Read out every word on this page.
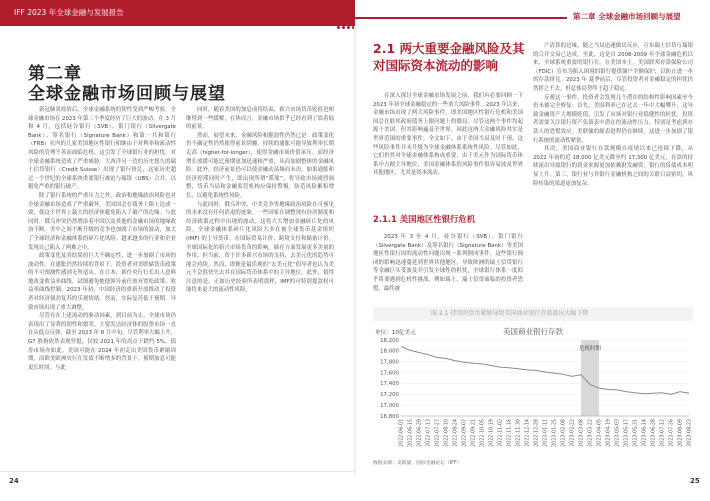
IFF 2023 年全球金融与发展报告	第二章 全球金融市场回顾与展望
第二章
全球金融市场回顾与展望

新冠肺炎疫情后，全球金融系统的韧性受到严峻考验。全球金融市场在 2023 年第三个季度经历了巨大的波动。在 3 月和 4 月，包括硅谷银行（SVB）、银门银行（Silvergate Bank）、签名银行（Signature Bank）和第一共和银行（FRB）在内的几家美国地区性银行相继由于对利率和流动性风险的管理不善而面临危机，这引发了全球银行业的担忧。对全球金融系统造成了严重威胁。大西洋另一边的历史悠久的瑞士信贷银行（Credit Suisse）出现了银行挤兑，这家历史超过一个世纪的全球系统重要银行被迫与瑞银（UBS）合并，以避免严重的银行破产。

除了银行系统的严重压力之外，政治和地缘政治风险也对全球金融市场造成了严重破坏。美国国会在债务上限上达成一致，使这个世界上最大的经济体避免陷入了破产的边缘。与此同时，俄乌冲突仍然增添着中国以及其他的金融市场的地缘政治不断。美中之间不断升级的竞争也加剧了市场的波动，加大了全球经济和金融体系的碎片化风险。越来越多的行业和企业发现自己陷入了两难之中。

政策变化及其结果的巨大不确定性，进一步加剧了市场的波动性。在通胀仍然持续的背景下，投资者对美联储货币政策的不可预测性感到无所适从。在日本，新任央行行长出人意料地改变收益率曲线，试图避免她他领导前任放弃宽松政策。收益率曲线控制，2023 年初，中国经济的重新开放推动了投资者对经济强劲复苏的乐观情绪，然而，实际复苏低于预期，导致市场出现了重大调整。

尽管存在上述流动的驱动因素，到目前为止，全球市场仍表现出了显著的韧性和繁荣。主要发达经济体的股票市场一直在从低点反弹，截至 2023 年 8 月中旬，尽管利率大幅上升，G7 股指依然表现坚挺，仅较 2021 年的高点下跌约 5%。债券市场亦如此，美国可能在 2024 年初走出美国货币紧缩周期，而欧美欧洲央行在发债不断增多的背景下，预期加息可能更长时间。与此

同时，随着美国的加息前将结束，新兴市场货币贬值也相继得到一些缓解，在体而言，金融市场似乎已经看到了软着陆的前景。

然而，展望未来，金融风险和脆弱性仍然已是：政策变化仍不确定性仍然使得前景阴霾。持续的通胀可能导致利率长期走高（higher-for-longer），使得金融市场价值承压。而经济增长放缓可能比预期更加迅速和严重，从而加剧整体的金融风险。此外，经济前景仍可以使金融动荡频而未决。如果通胀和经济停滞同时产生，即出现所谓“滞胀”，将导致市场剧烈调整，货币当局和金融监管机构应保持警惕，防范风险累积增长，以避免系统性风险。

与此同时，俄乌冲突、中美竞争等地缘政治风险在可预见的未来没有任何消退的迹象，一些国家在调整现有经济制度和经济政策过程中出现的波动，这将大大增加金融碎片化的风险。全球金融体系碎片化风险大多在被全球货币基金组织 (IMF) 的主导货币。在国际贸易计价、跨境支付和储备计价。全球国际化的新兴市场货币的影响。储存方面发展更多美量的作用、但当前，资于许多新兴市场的支持，去美元化的趋势可能会持续。然而，即便是最乐观的“去美元化”倡导者也认为美元不会很快失去其在国际货币体系中的主导地位。此外，值得注意的是，正如历史经验所表明那样，IMF的可特别提款权可能将来更大的流动性风险。

24
2.1 两大重要金融风险及其
对国际资本流动的影响

在深入探讨全球金融市场发展之前，我们有必要回顾一下 2023 年初全球金融稳定的一些重大风险事件。2023 年以来，金融市场出现了两大风险事件，即美国地区性银行危机和美国国会在联邦政府债务上限问题上的僵局。尽管这两个事件均起源于美国，但其影响遍及全世界，因此这两大金融风险其实是世界范围的重要事件。全文如下，由于美国当局及时干预，这些风险事件并未升级为全球金融体系系统性风险。尽管如此，它们仍然对全球金融体系构成重要，由于美元作为国际货币体系中占据主导地位，美国金融体系的风险事件很容易波及世界其他地区，尤其是资本流动。

2.1.1 美国地区性银行危机

2023 年 3 至 4 月，硅谷银行（SVB）、银门银行（Silvergate Bank）及签名银行（Signature Bank）等美国地区性银行因的流动性问题出现一系列倒闭事件。这些银行倒闭的影响迅速蔓延到世界其他地区，导致欧洲的瑞士信贷银行等金融巨头受波及并引发全球性的担忧，全球银行体系一度似乎将要遇到危机性挑战。例如瑞士，瑞士信贷面临的投资者恐慌，最终被

产清算的边缘，随之当局迅速做出反应，宣布瑞士信贷与瑞银的合并交易已达成。至此，这是自 2008-2009 年全球金融危机以来，全球系统重要的银行在。在美国本土，美国联邦存款保险公司（FDIC）宣布为陷入困境的银行提供储户全额保护，以防止进一步的存款挤兑。2023 年 夏季前后，尽管投资者对金融稳定的担忧仍然挥之不去，但总体局势终于趋于稳定。

反观这一事件，投资者会发现几个潜在的结构性影响因素至今仍未被完全修复：首先，美国利率已在过去一年中大幅攀升，这导致金融资产大规模贬值，引发了市场对银行业稳健性的担忧。投资者需要关注银行资产负债表中潜在的流动性压力，特别是考虑到存款人的恐慌效应。美联储的缩表进程仍在继续，这进一步加剧了银行系统的流动性紧张。

其次，美国商业银行存款规模自疫情以来已连续下降，从 2022 年初的近 18,000 亿美元降至约 17,300 亿美元，存款的持续流出导致银行的资金来源更加依赖批发融资，银行的负债成本明显上升。第三，银行业与非银行金融机构之间的关联日益密切，风险传染的渠道更加复杂。

图 2.1 持续的货币紧缩导致美国商业银行存款流出大幅下降
危机时期
16,800
17,000
17,200
17,400
17,600
17,800
18,000
18,200
2022-06-01 2022-06-15 2022-06-29 2022-07-13 2022-07-27 2022-08-10 2022-08-24 2022-09-07 2022-09-21 2022-10-05 2022-10-19 2022-11-02 2022-11-16 2022-11-30 2022-12-14 2022-12-28 2023-01-11 2023-01-25 2023-02-08 2023-02-22 2023-03-08 2023-03-22 2023-04-05 2023-04-19 2023-05-03 2023-05-17 2023-05-31 2023-06-14 2023-06-28 2023-07-12 2023-07-26 2023-08-09 2023-08-23
美国商业银行存款
单位：10亿美元
数据来源：美联储，国际金融论坛（IFF）
25
